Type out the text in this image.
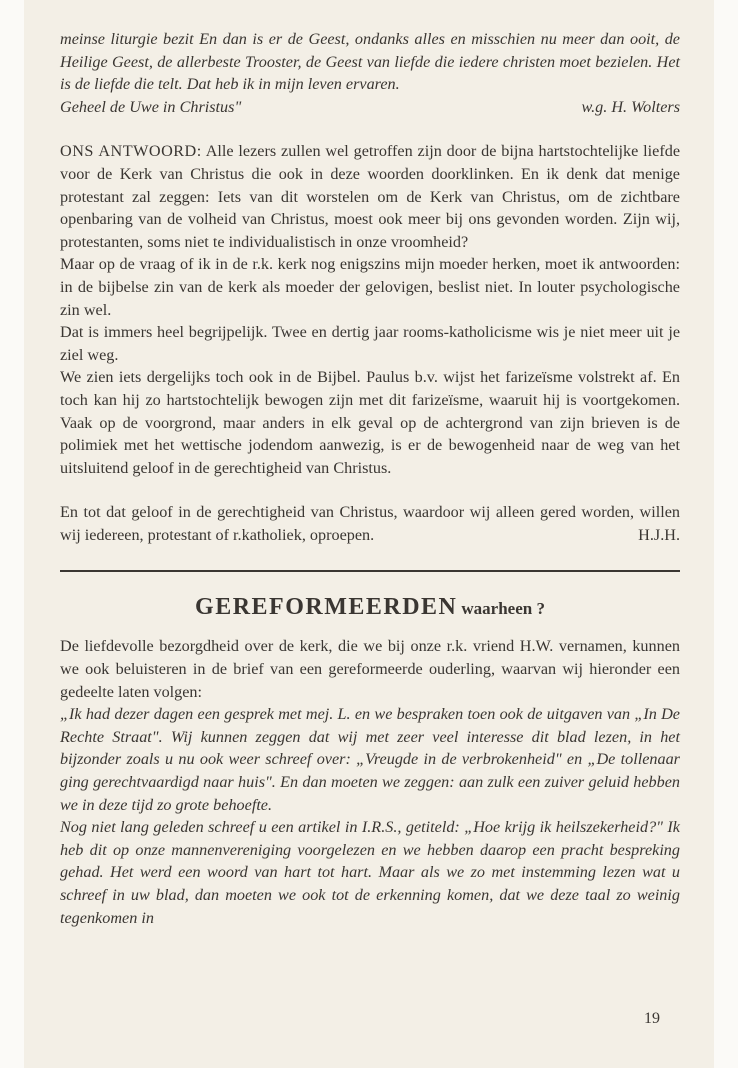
meinse liturgie bezit En dan is er de Geest, ondanks alles en misschien nu meer dan ooit, de Heilige Geest, de allerbeste Trooster, de Geest van liefde die iedere christen moet bezielen. Het is de liefde die telt. Dat heb ik in mijn leven ervaren.

Geheel de Uwe in Christus"	w.g. H. Wolters

ONS ANTWOORD: Alle lezers zullen wel getroffen zijn door de bijna hartstochtelijke liefde voor de Kerk van Christus die ook in deze woorden doorklinken. En ik denk dat menige protestant zal zeggen: Iets van dit worstelen om de Kerk van Christus, om de zichtbare openbaring van de volheid van Christus, moest ook meer bij ons gevonden worden. Zijn wij, protestanten, soms niet te individualistisch in onze vroomheid?

Maar op de vraag of ik in de r.k. kerk nog enigszins mijn moeder herken, moet ik antwoorden: in de bijbelse zin van de kerk als moeder der gelovigen, beslist niet. In louter psychologische zin wel.

Dat is immers heel begrijpelijk. Twee en dertig jaar rooms-katholicisme wis je niet meer uit je ziel weg.

We zien iets dergelijks toch ook in de Bijbel. Paulus b.v. wijst het farizeïsme volstrekt af. En toch kan hij zo hartstochtelijk bewogen zijn met dit farizeïsme, waaruit hij is voortgekomen. Vaak op de voorgrond, maar anders in elk geval op de achtergrond van zijn brieven is de polimiek met het wettische jodendom aanwezig, is er de bewogenheid naar de weg van het uitsluitend geloof in de gerechtigheid van Christus.

En tot dat geloof in de gerechtigheid van Christus, waardoor wij alleen gered worden, willen wij iedereen, protestant of r.katholiek, oproepen.	H.J.H.

GEREFORMEERDEN waarheen ?

De liefdevolle bezorgdheid over de kerk, die we bij onze r.k. vriend H.W. vernamen, kunnen we ook beluisteren in de brief van een gereformeerde ouderling, waarvan wij hieronder een gedeelte laten volgen:

„Ik had dezer dagen een gesprek met mej. L. en we bespraken toen ook de uitgaven van „In De Rechte Straat". Wij kunnen zeggen dat wij met zeer veel interesse dit blad lezen, in het bijzonder zoals u nu ook weer schreef over: „Vreugde in de verbrokenheid" en „De tollenaar ging gerechtvaardigd naar huis". En dan moeten we zeggen: aan zulk een zuiver geluid hebben we in deze tijd zo grote behoefte.

Nog niet lang geleden schreef u een artikel in I.R.S., getiteld: „Hoe krijg ik heilszekerheid?" Ik heb dit op onze mannenvereniging voorgelezen en we hebben daarop een pracht bespreking gehad. Het werd een woord van hart tot hart. Maar als we zo met instemming lezen wat u schreef in uw blad, dan moeten we ook tot de erkenning komen, dat we deze taal zo weinig tegenkomen in

19
